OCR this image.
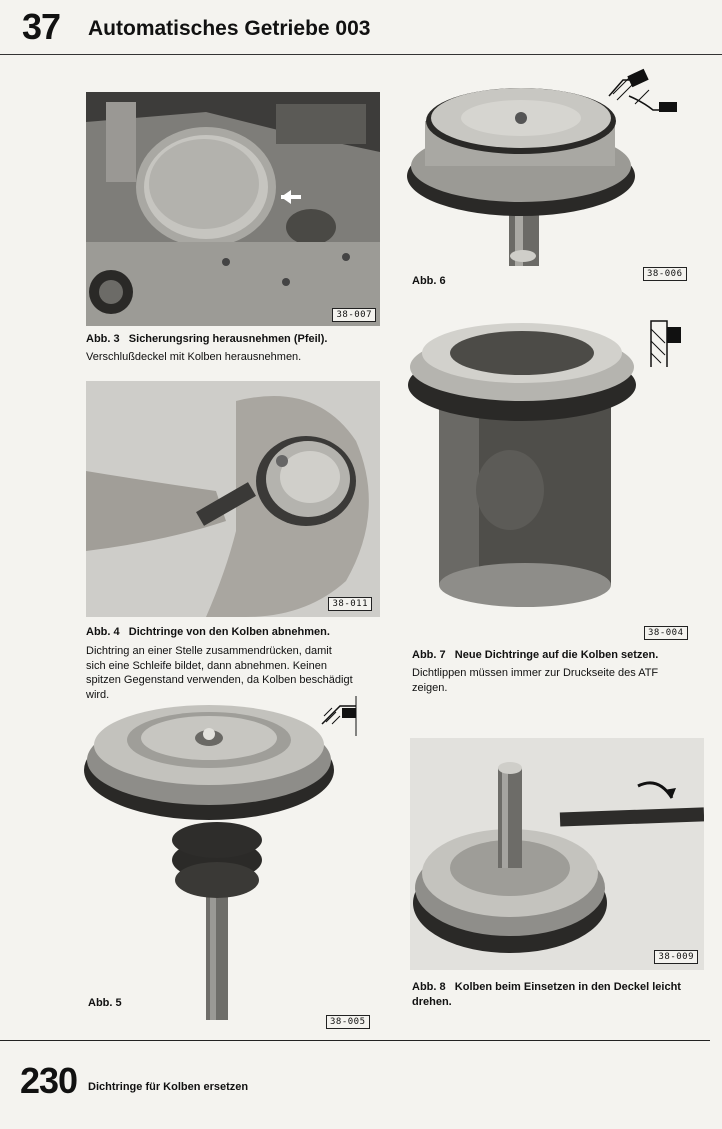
37 Automatisches Getriebe 003
38-007
Abb. 3 Sicherungsring herausnehmen (Pfeil).
Verschlußdeckel mit Kolben herausnehmen.
38-011
Abb. 4 Dichtringe von den Kolben abnehmen.
Dichtring an einer Stelle zusammendrücken, damit
sich eine Schleife bildet, dann abnehmen. Keinen
spitzen Gegenstand verwenden, da Kolben beschädigt
wird.
Abb. 5
38-005
Abb. 6
38-006
38-004
Abb. 7 Neue Dichtringe auf die Kolben setzen.
Dichtlippen müssen immer zur Druckseite des ATF
zeigen.
38-009
Abb. 8 Kolben beim Einsetzen in den Deckel leicht
drehen.
230 Dichtringe für Kolben ersetzen
